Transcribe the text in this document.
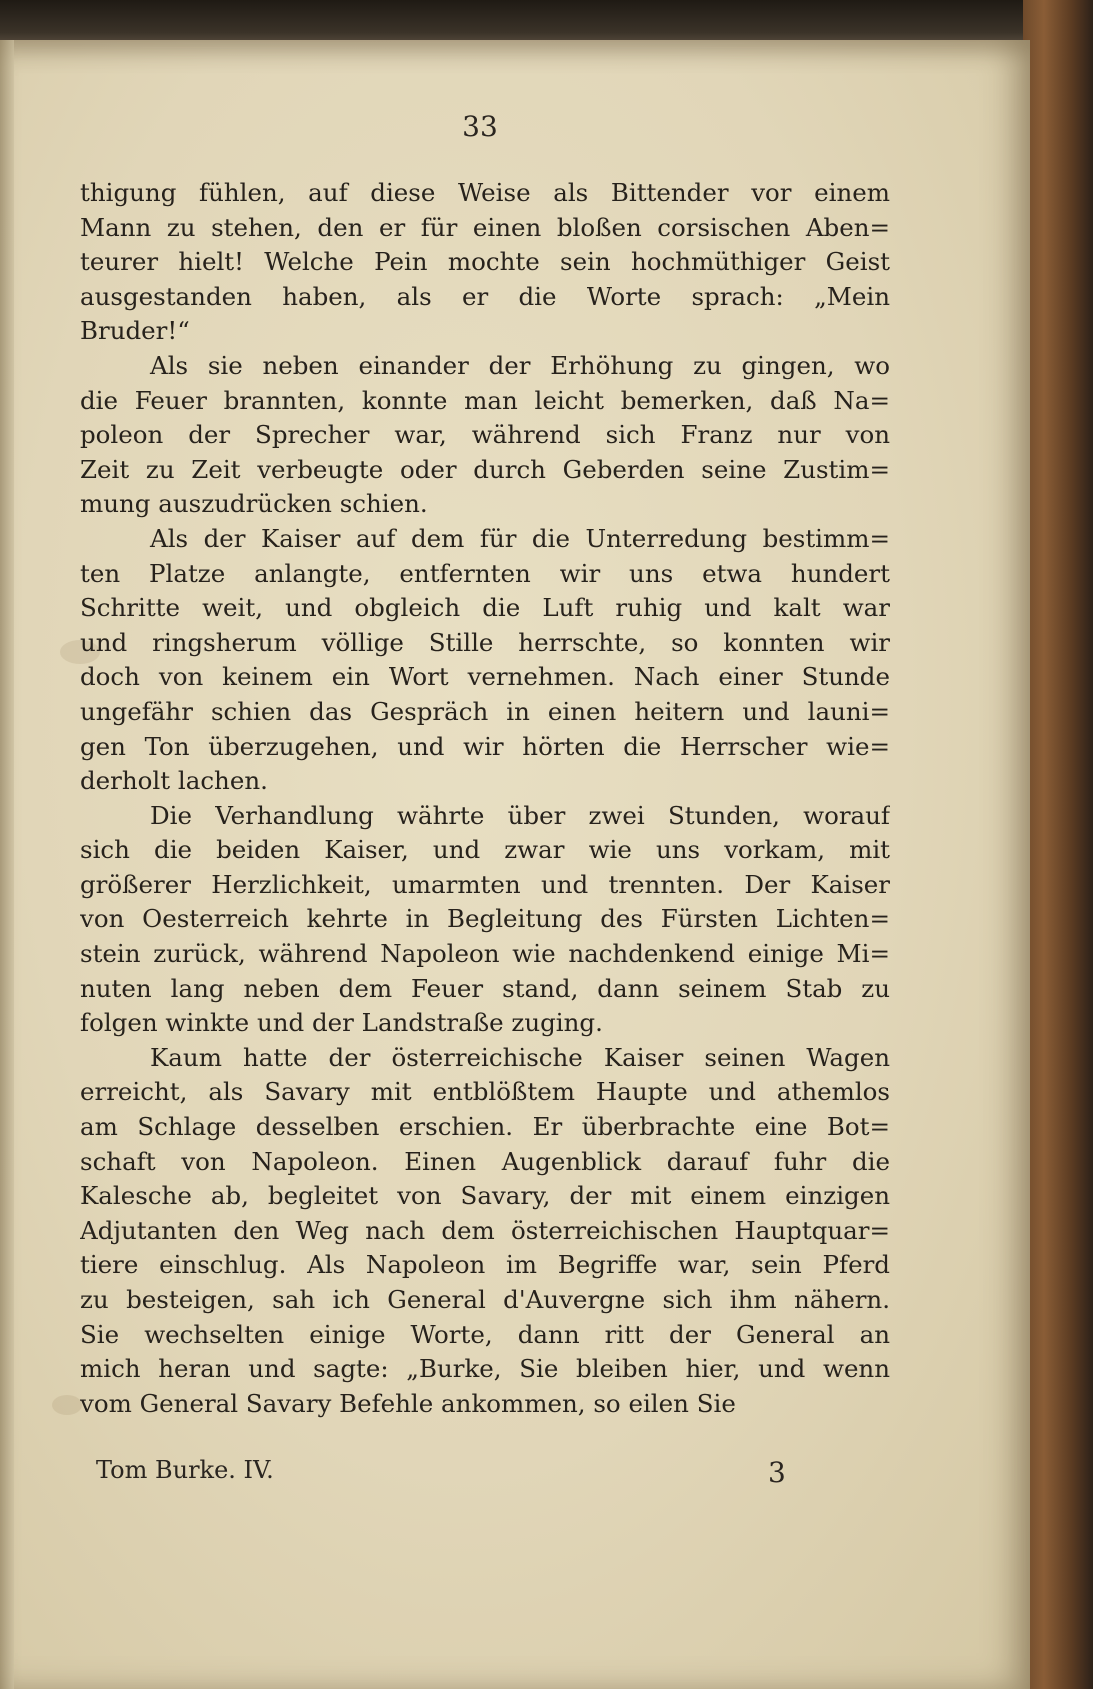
33
thigung fühlen, auf diese Weise als Bittender vor einem
Mann zu stehen, den er für einen bloßen corsischen Aben=
teurer hielt! Welche Pein mochte sein hochmüthiger Geist
ausgestanden haben, als er die Worte sprach: „Mein
Bruder!“
Als sie neben einander der Erhöhung zu gingen, wo
die Feuer brannten, konnte man leicht bemerken, daß Na=
poleon der Sprecher war, während sich Franz nur von
Zeit zu Zeit verbeugte oder durch Geberden seine Zustim=
mung auszudrücken schien.
Als der Kaiser auf dem für die Unterredung bestimm=
ten Platze anlangte, entfernten wir uns etwa hundert
Schritte weit, und obgleich die Luft ruhig und kalt war
und ringsherum völlige Stille herrschte, so konnten wir
doch von keinem ein Wort vernehmen. Nach einer Stunde
ungefähr schien das Gespräch in einen heitern und launi=
gen Ton überzugehen, und wir hörten die Herrscher wie=
derholt lachen.
Die Verhandlung währte über zwei Stunden, worauf
sich die beiden Kaiser, und zwar wie uns vorkam, mit
größerer Herzlichkeit, umarmten und trennten. Der Kaiser
von Oesterreich kehrte in Begleitung des Fürsten Lichten=
stein zurück, während Napoleon wie nachdenkend einige Mi=
nuten lang neben dem Feuer stand, dann seinem Stab zu
folgen winkte und der Landstraße zuging.
Kaum hatte der österreichische Kaiser seinen Wagen
erreicht, als Savary mit entblößtem Haupte und athemlos
am Schlage desselben erschien. Er überbrachte eine Bot=
schaft von Napoleon. Einen Augenblick darauf fuhr die
Kalesche ab, begleitet von Savary, der mit einem einzigen
Adjutanten den Weg nach dem österreichischen Hauptquar=
tiere einschlug. Als Napoleon im Begriffe war, sein Pferd
zu besteigen, sah ich General d'Auvergne sich ihm nähern.
Sie wechselten einige Worte, dann ritt der General an
mich heran und sagte: „Burke, Sie bleiben hier, und wenn
vom General Savary Befehle ankommen, so eilen Sie
Tom Burke. IV.	3
